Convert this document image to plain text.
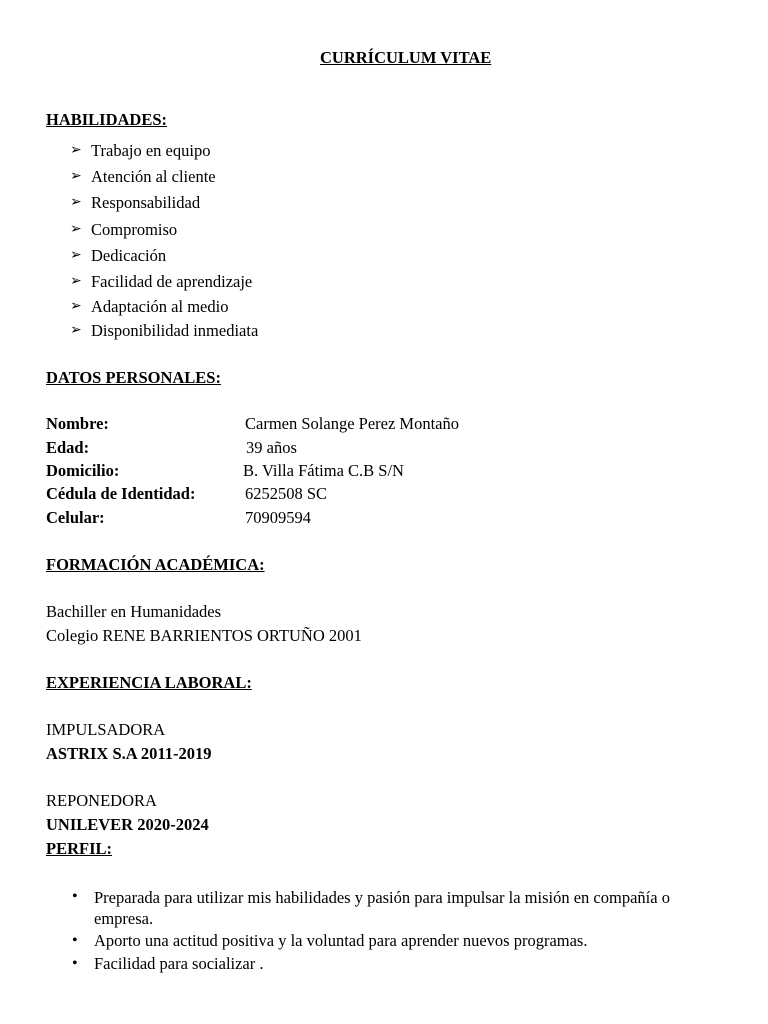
CURRÍCULUM VITAE
HABILIDADES:
➢ Trabajo en equipo
➢ Atención al cliente
➢ Responsabilidad
➢ Compromiso
➢ Dedicación
➢ Facilidad de aprendizaje
➢ Adaptación al medio
➢ Disponibilidad inmediata
DATOS PERSONALES:
Nombre:	Carmen Solange Perez Montaño
Edad:	39 años
Domicilio:	B. Villa Fátima C.B S/N
Cédula de Identidad:	6252508 SC
Celular:	70909594
FORMACIÓN ACADÉMICA:
Bachiller en Humanidades
Colegio RENE BARRIENTOS ORTUÑO 2001
EXPERIENCIA LABORAL:
IMPULSADORA
ASTRIX S.A 2011-2019
REPONEDORA
UNILEVER 2020-2024
PERFIL:
• Preparada para utilizar mis habilidades y pasión para impulsar la misión en compañía o empresa.
• Aporto una actitud positiva y la voluntad para aprender nuevos programas.
• Facilidad para socializar .
